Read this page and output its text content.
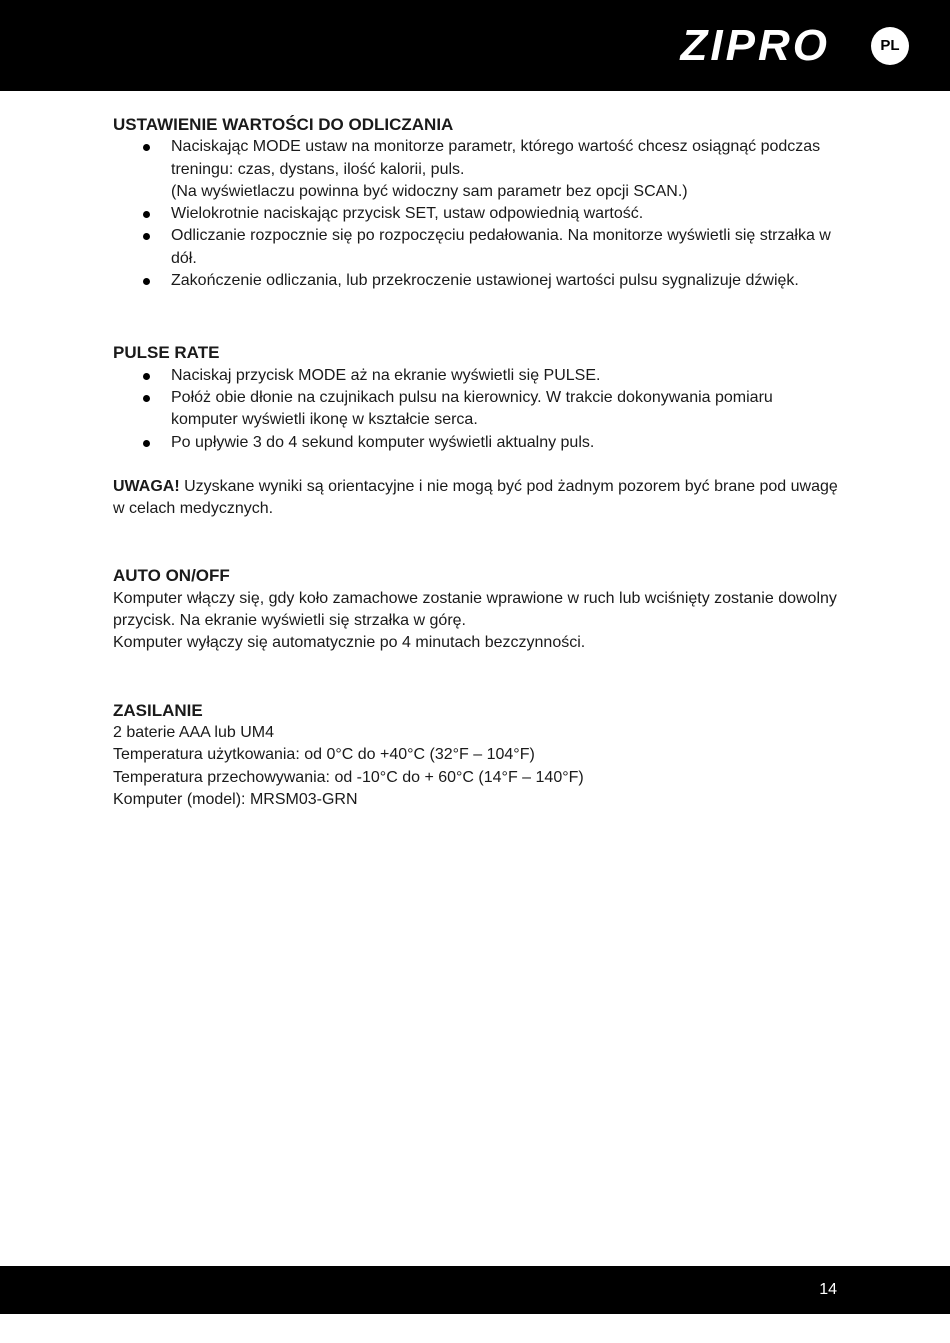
ZIPRO	PL
USTAWIENIE WARTOŚCI DO ODLICZANIA
Naciskając MODE ustaw na monitorze parametr, którego wartość chcesz osiągnąć podczas treningu: czas, dystans, ilość kalorii, puls.
(Na wyświetlaczu powinna być widoczny sam parametr bez opcji SCAN.)
Wielokrotnie naciskając przycisk SET, ustaw odpowiednią wartość.
Odliczanie rozpocznie się po rozpoczęciu pedałowania. Na monitorze wyświetli się strzałka w dół.
Zakończenie odliczania, lub przekroczenie ustawionej wartości pulsu sygnalizuje dźwięk.
PULSE RATE
Naciskaj przycisk MODE aż na ekranie wyświetli się PULSE.
Połóż obie dłonie na czujnikach pulsu na kierownicy. W trakcie dokonywania pomiaru komputer wyświetli ikonę w kształcie serca.
Po upływie 3 do 4 sekund komputer wyświetli aktualny puls.

UWAGA! Uzyskane wyniki są orientacyjne i nie mogą być pod żadnym pozorem być brane pod uwagę w celach medycznych.

AUTO ON/OFF

Komputer włączy się, gdy koło zamachowe zostanie wprawione w ruch lub wciśnięty zostanie dowolny przycisk. Na ekranie wyświetli się strzałka w górę.

Komputer wyłączy się automatycznie po 4 minutach bezczynności.

ZASILANIE

2 baterie AAA lub UM4

Temperatura użytkowania: od 0°C do +40°C (32°F – 104°F)

Temperatura przechowywania: od -10°C do + 60°C (14°F – 140°F)

Komputer (model): MRSM03-GRN

14
